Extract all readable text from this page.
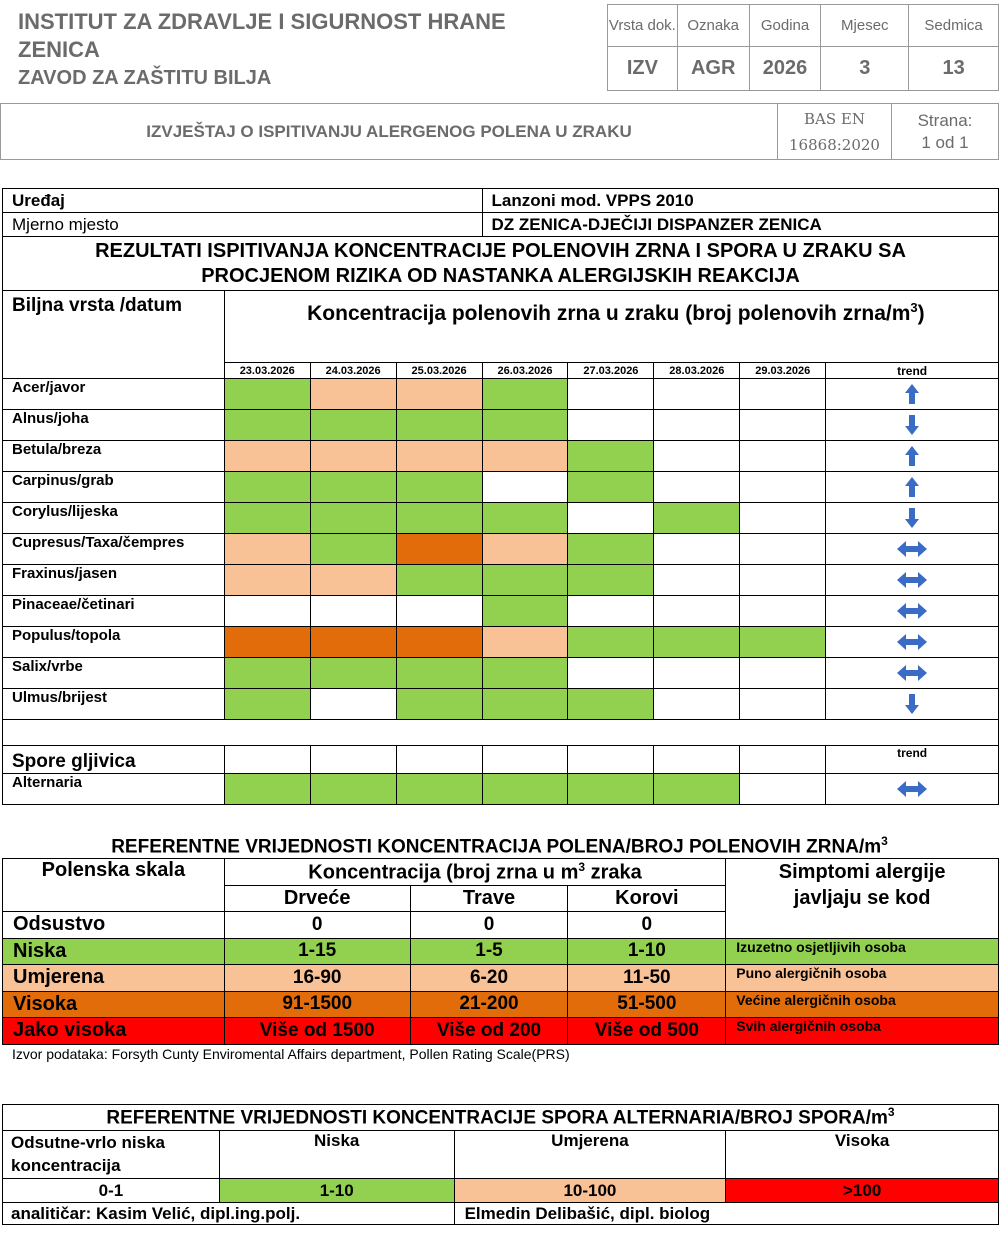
INSTITUT ZA ZDRAVLJE I SIGURNOST HRANE
ZENICA
ZAVOD ZA ZAŠTITU BILJA
Vrsta dok.	Oznaka	Godina	Mjesec	Sedmica
IZV	AGR	2026	3	13
IZVJEŠTAJ O ISPITIVANJU ALERGENOG POLENA U ZRAKU	
BAS EN
16868:2020

Strana:
1 od 1
Uređaj				Lanzoni mod. VPPS 2010				
Mjerno mjesto				DZ ZENICA-DJEČIJI DISPANZER ZENICA				

REZULTATI ISPITIVANJA KONCENTRACIJE POLENOVIH ZRNA I SPORA U ZRAKU SA
PROCJENOM RIZIKA OD NASTANKA ALERGIJSKIH REAKCIJA								

Biljna vrsta /datum	Koncentracija polenovih zrna u zraku (broj polenovih zrna/$m^3$)							
	23.03.2026	24.03.2026	25.03.2026	26.03.2026	27.03.2026	28.03.2026	29.03.2026	trend
Acer/javor								

Alnus/joha								

Betula/breza								

Carpinus/grab								

Corylus/lijeska								

Cupresus/Taxa/čempres								

Fraxinus/jasen								

Pinaceae/četinari								

Populus/topola								

Salix/vrbe								

Ulmus/brijest								

Spore gljivica								trend
Alternaria								
REFERENTNE VRIJEDNOSTI KONCENTRACIJA POLENA/BROJ POLENOVIH ZRNA/$m^3$
Polenska skala	Koncentracija (broj zrna u $m^3$ zraka			Simptomi alergije
javljaju se kod

	Drveće	Trave	Korovi	
Odsustvo	0	0	0	
Niska	1-15	1-5	1-10	Izuzetno osjetljivih osoba
Umjerena	16-90	6-20	11-50	Puno alergičnih osoba
Visoka	91-1500	21-200	51-500	Većine alergičnih osoba
Jako visoka	Više od 1500	Više od 200	Više od 500	Svih alergičnih osoba
Izvor podataka: Forsyth Cunty Enviromental Affairs department, Pollen Rating Scale(PRS)
REFERENTNE VRIJEDNOSTI KONCENTRACIJE SPORA ALTERNARIA/BROJ SPORA/$m^3$
Odsutne-vrlo niska koncentracija	Niska	Umjerena	Visoka
0-1	1-10	10-100	>100
analitičar: Kasim Velić, dipl.ing.polj.		Elmedin Delibašić, dipl. biolog	
